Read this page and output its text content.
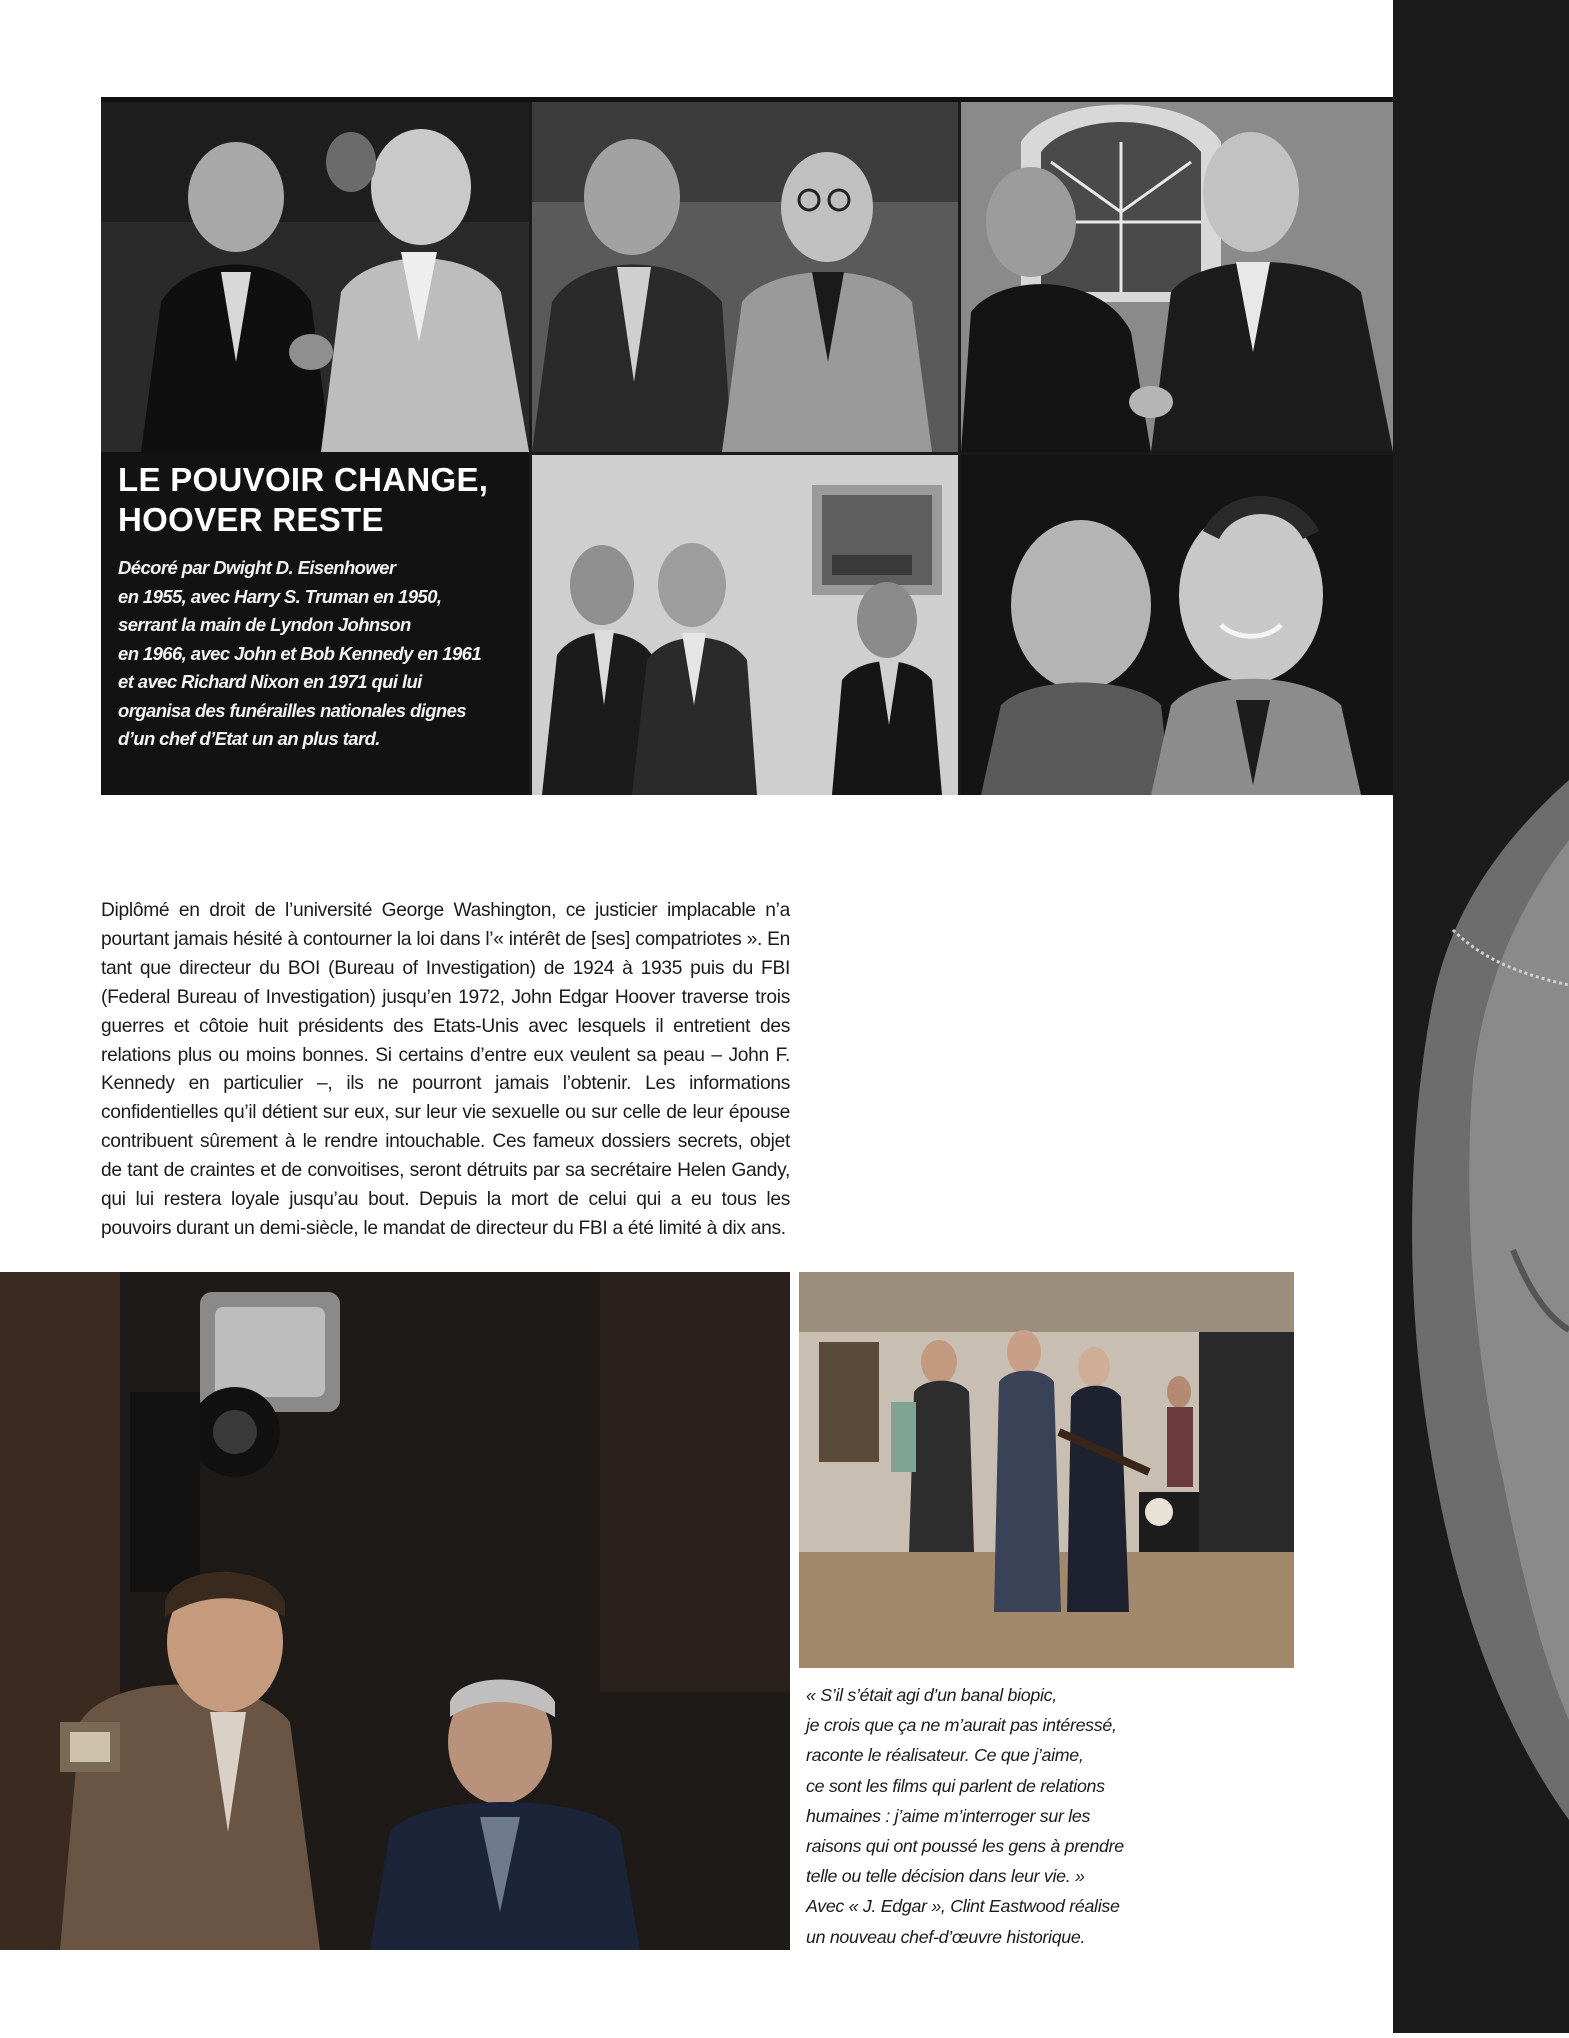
LE POUVOIR CHANGE,
HOOVER RESTE
Décoré par Dwight D. Eisenhower
en 1955, avec Harry S. Truman en 1950,
serrant la main de Lyndon Johnson
en 1966, avec John et Bob Kennedy en 1961
et avec Richard Nixon en 1971 qui lui
organisa des funérailles nationales dignes
d’un chef d’Etat un an plus tard.
Diplômé en droit de l’université George Washington, ce justicier implacable n’a pourtant jamais hésité à contourner la loi dans l’« intérêt de [ses] compatriotes ». En tant que directeur du BOI (Bureau of Investigation) de 1924 à 1935 puis du FBI (Federal Bureau of Investigation) jusqu’en 1972, John Edgar Hoover traverse trois guerres et côtoie huit présidents des Etats-Unis avec lesquels il entretient des relations plus ou moins bonnes. Si certains d’entre eux veulent sa peau – John F. Kennedy en particulier –, ils ne pourront jamais l’obtenir. Les informations confidentielles qu’il détient sur eux, sur leur vie sexuelle ou sur celle de leur épouse contribuent sûrement à le rendre intouchable. Ces fameux dossiers secrets, objet de tant de craintes et de convoitises, seront détruits par sa secrétaire Helen Gandy, qui lui restera loyale jusqu’au bout. Depuis la mort de celui qui a eu tous les pouvoirs durant un demi-siècle, le mandat de directeur du FBI a été limité à dix ans.
« S’il s’était agi d’un banal biopic,
je crois que ça ne m’aurait pas intéressé,
raconte le réalisateur. Ce que j’aime,
ce sont les films qui parlent de relations
humaines : j’aime m’interroger sur les
raisons qui ont poussé les gens à prendre
telle ou telle décision dans leur vie. »
Avec « J. Edgar », Clint Eastwood réalise
un nouveau chef-d’œuvre historique.
